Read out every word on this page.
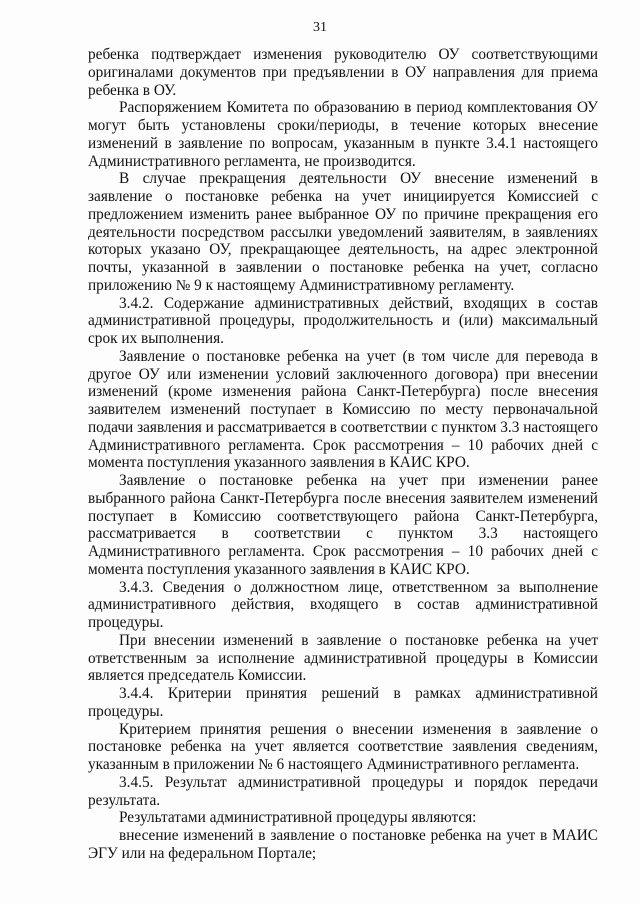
31

ребенка подтверждает изменения руководителю ОУ соответствующими оригиналами документов при предъявлении в ОУ направления для приема ребенка в ОУ.

Распоряжением Комитета по образованию в период комплектования ОУ могут быть установлены сроки/периоды, в течение которых внесение изменений в заявление по вопросам, указанным в пункте 3.4.1 настоящего Административного регламента, не производится.

В случае прекращения деятельности ОУ внесение изменений в заявление о постановке ребенка на учет инициируется Комиссией с предложением изменить ранее выбранное ОУ по причине прекращения его деятельности посредством рассылки уведомлений заявителям, в заявлениях которых указано ОУ, прекращающее деятельность, на адрес электронной почты, указанной в заявлении о постановке ребенка на учет, согласно приложению № 9 к настоящему Административному регламенту.

3.4.2. Содержание административных действий, входящих в состав административной процедуры, продолжительность и (или) максимальный срок их выполнения.

Заявление о постановке ребенка на учет (в том числе для перевода в другое ОУ или изменении условий заключенного договора) при внесении изменений (кроме изменения района Санкт-Петербурга) после внесения заявителем изменений поступает в Комиссию по месту первоначальной подачи заявления и рассматривается в соответствии с пунктом 3.3 настоящего Административного регламента. Срок рассмотрения – 10 рабочих дней с момента поступления указанного заявления в КАИС КРО.

Заявление о постановке ребенка на учет при изменении ранее выбранного района Санкт-Петербурга после внесения заявителем изменений поступает в Комиссию соответствующего района Санкт-Петербурга, рассматривается в соответствии с пунктом 3.3 настоящего Административного регламента. Срок рассмотрения – 10 рабочих дней с момента поступления указанного заявления в КАИС КРО.

3.4.3. Сведения о должностном лице, ответственном за выполнение административного действия, входящего в состав административной процедуры.

При внесении изменений в заявление о постановке ребенка на учет ответственным за исполнение административной процедуры в Комиссии является председатель Комиссии.

3.4.4. Критерии принятия решений в рамках административной процедуры.

Критерием принятия решения о внесении изменения в заявление о постановке ребенка на учет является соответствие заявления сведениям, указанным в приложении № 6 настоящего Административного регламента.

3.4.5. Результат административной процедуры и порядок передачи результата.

Результатами административной процедуры являются:

внесение изменений в заявление о постановке ребенка на учет в МАИС ЭГУ или на федеральном Портале;
